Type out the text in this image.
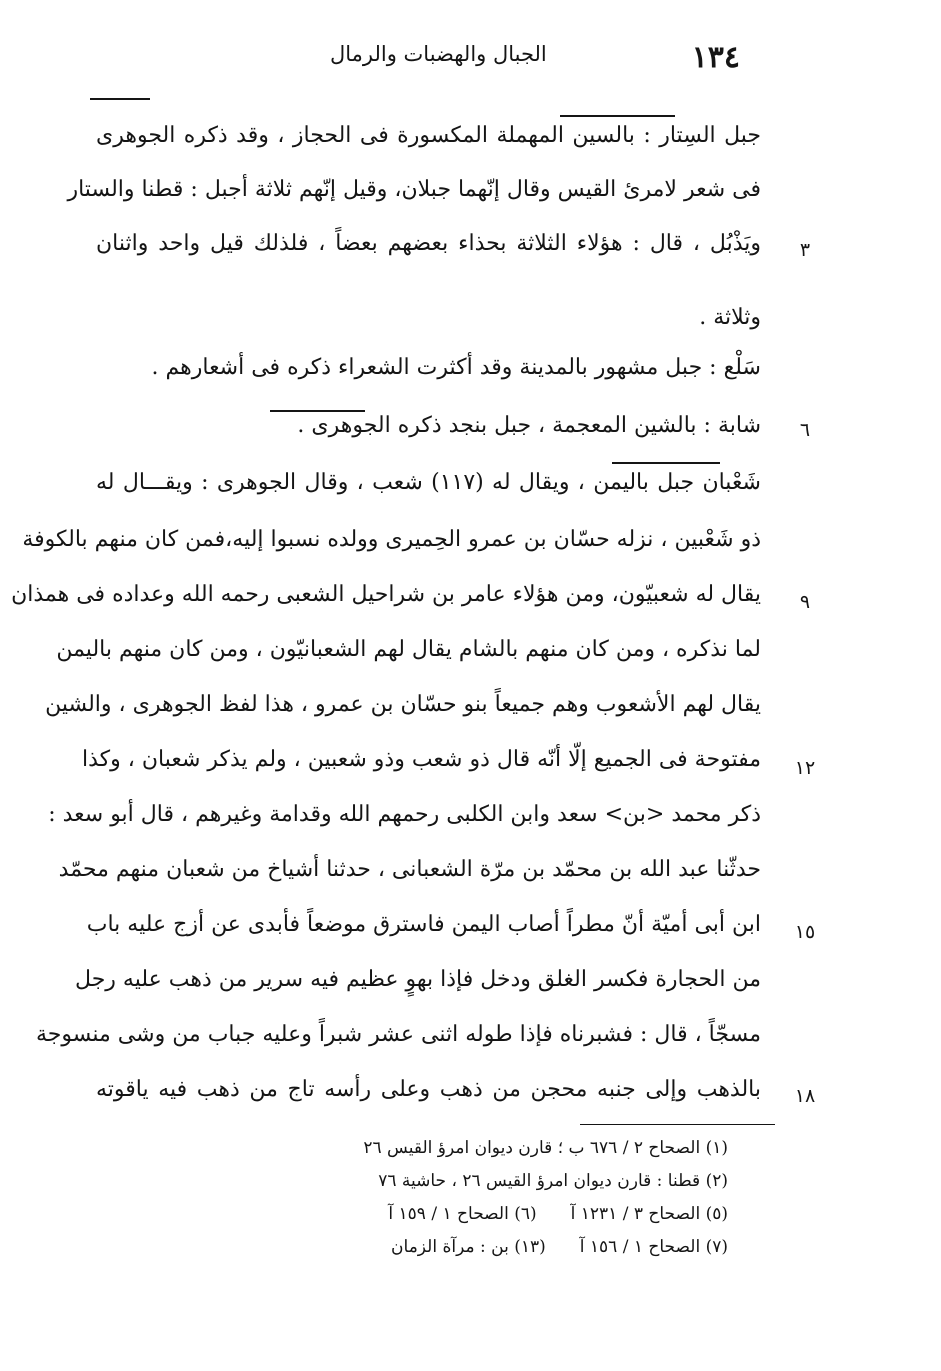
١٣٤
الجبال والهضبات والرمال
جبل السِتار : بالسين المهملة المكسورة فى الحجاز ، وقد ذكره الجوهرى
فى شعر لامرئ القيس وقال إنّهما جبلان، وقيل إنّهم ثلاثة أجبل : قطنا والستار
ويَذْبُل ، قال : هؤلاء الثلاثة بحذاء بعضهم بعضاً ، فلذلك قيل واحد واثنان	٣
وثلاثة .
سَلْع : جبل مشهور بالمدينة وقد أكثرت الشعراء ذكره فى أشعارهم .
شابة : بالشين المعجمة ، جبل بنجد ذكره الجوهرى .	٦
شَعْبان جبل باليمن ، ويقال له (١١٧) شعب ، وقال الجوهرى : ويقـــال له
ذو شَعْبين ، نزله حسّان بن عمرو الحِميرى وولده نسبوا إليه،فمن كان منهم بالكوفة
يقال له شعبيّون، ومن هؤلاء عامر بن شراحيل الشعبى رحمه الله وعداده فى همذان	٩
لما نذكره ، ومن كان منهم بالشام يقال لهم الشعبانيّون ، ومن كان منهم باليمن
يقال لهم الأشعوب وهم جميعاً بنو حسّان بن عمرو ، هذا لفظ الجوهرى ، والشين
مفتوحة فى الجميع إلّا أنّه قال ذو شعب وذو شعبين ، ولم يذكر شعبان ، وكذا ١٢
ذكر محمد <بن> سعد وابن الكلبى رحمهم الله وقدامة وغيرهم ، قال أبو سعد :
حدثّنا عبد الله بن محمّد بن مرّة الشعبانى ، حدثنا أشياخ من شعبان منهم محمّد
ابن أبى أميّة أنّ مطراً أصاب اليمن فاسترق موضعاً فأبدى عن أزج عليه باب ١٥
من الحجارة فكسر الغلق ودخل فإذا بهوٍ عظيم فيه سرير من ذهب عليه رجل
مسجّاً ، قال : فشبرناه فإذا طوله اثنى عشر شبراً وعليه جباب من وشى منسوجة
بالذهب وإلى جنبه محجن من ذهب وعلى رأسه تاج من ذهب فيه ياقوته ١٨
(١) الصحاح ٢ / ٦٧٦ ب ؛ قارن ديوان امرؤ القيس ٢٦
(٢) قطنا : قارن ديوان امرؤ القيس ٢٦ ، حاشية ٧٦
(٥) الصحاح ٣ / ١٢٣١ آ
(٦) الصحاح ١ / ١٥٩ آ
(٧) الصحاح ١ / ١٥٦ آ
(١٣) بن : مرآة الزمان
